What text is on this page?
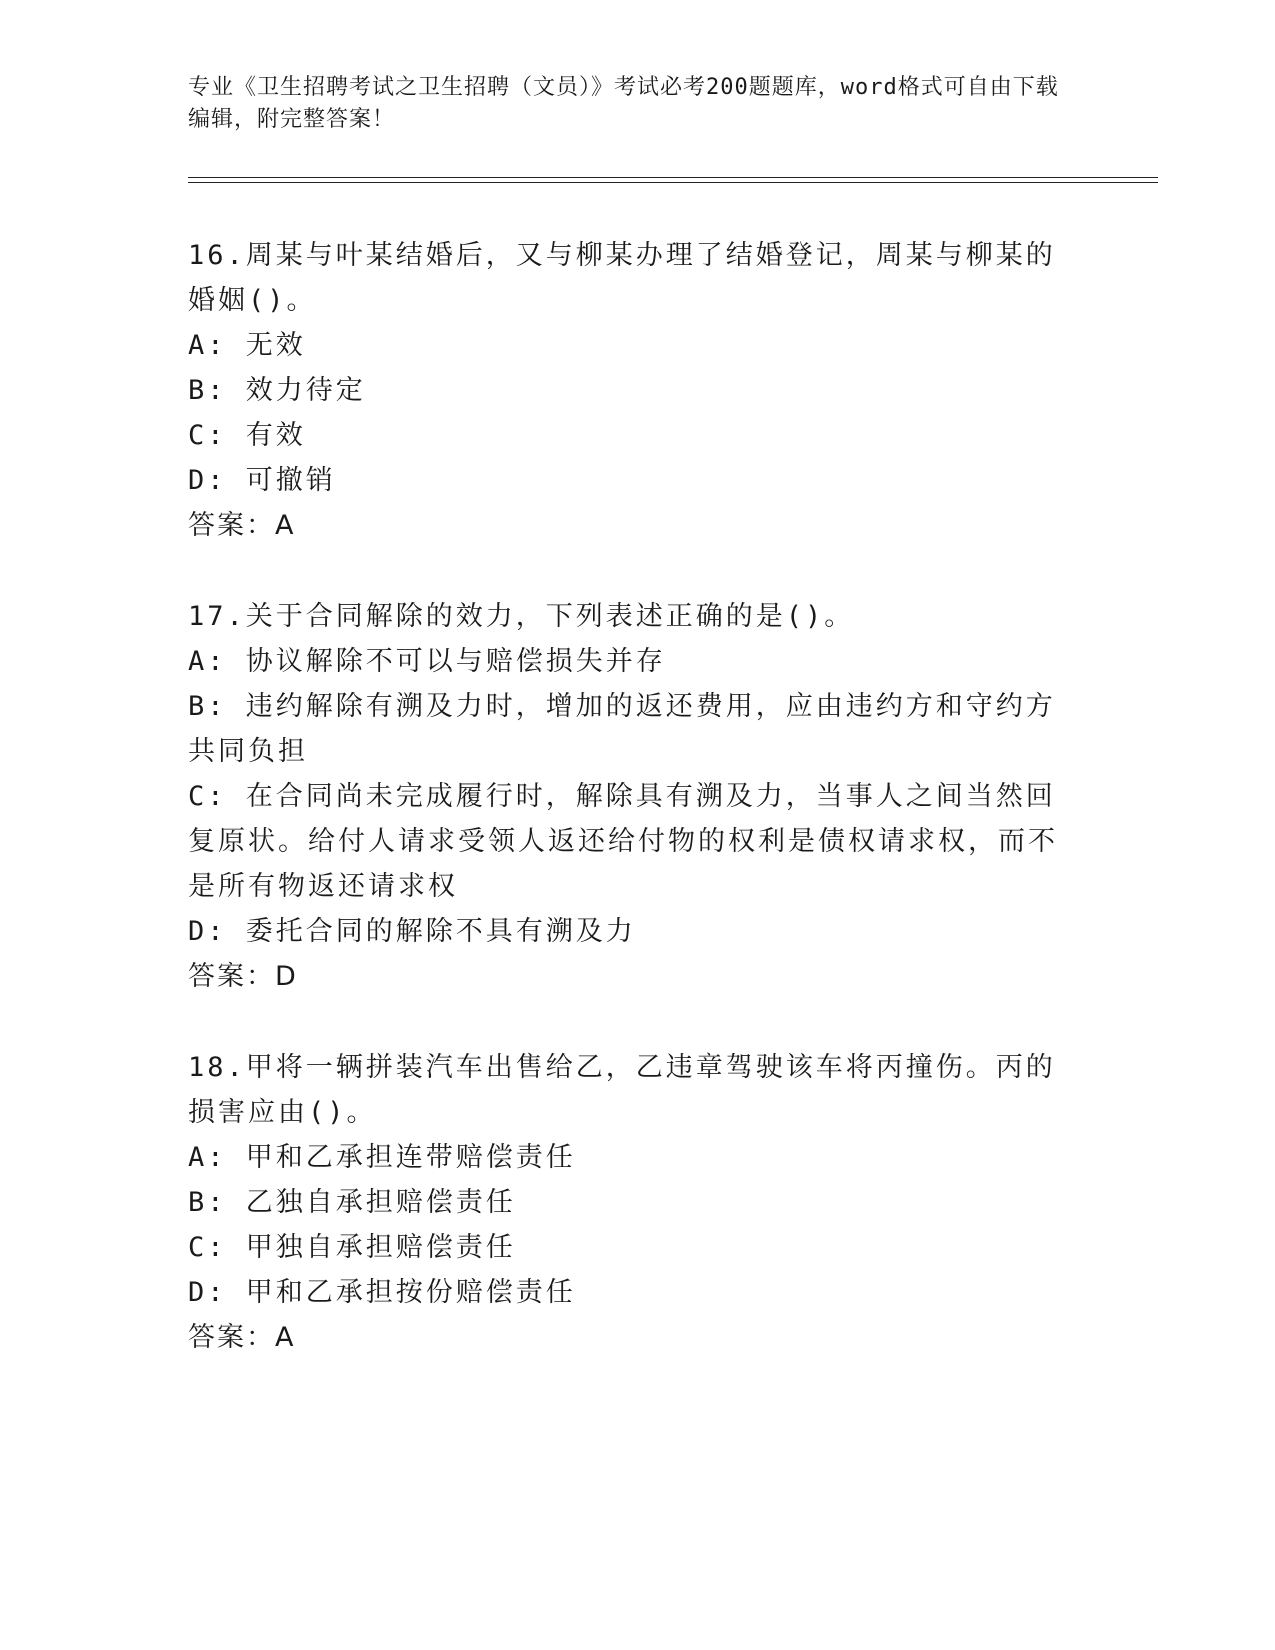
专业《卫生招聘考试之卫生招聘（文员）》考试必考200题题库，word格式可自由下载编辑，附完整答案！
16.周某与叶某结婚后，又与柳某办理了结婚登记，周某与柳某的婚姻()。
A: 无效
B: 效力待定
C: 有效
D: 可撤销
答案：A
17.关于合同解除的效力，下列表述正确的是()。
A: 协议解除不可以与赔偿损失并存
B: 违约解除有溯及力时，增加的返还费用，应由违约方和守约方共同负担
C: 在合同尚未完成履行时，解除具有溯及力，当事人之间当然回复原状。给付人请求受领人返还给付物的权利是债权请求权，而不是所有物返还请求权
D: 委托合同的解除不具有溯及力
答案：D
18.甲将一辆拼装汽车出售给乙，乙违章驾驶该车将丙撞伤。丙的损害应由()。
A: 甲和乙承担连带赔偿责任
B: 乙独自承担赔偿责任
C: 甲独自承担赔偿责任
D: 甲和乙承担按份赔偿责任
答案：A
